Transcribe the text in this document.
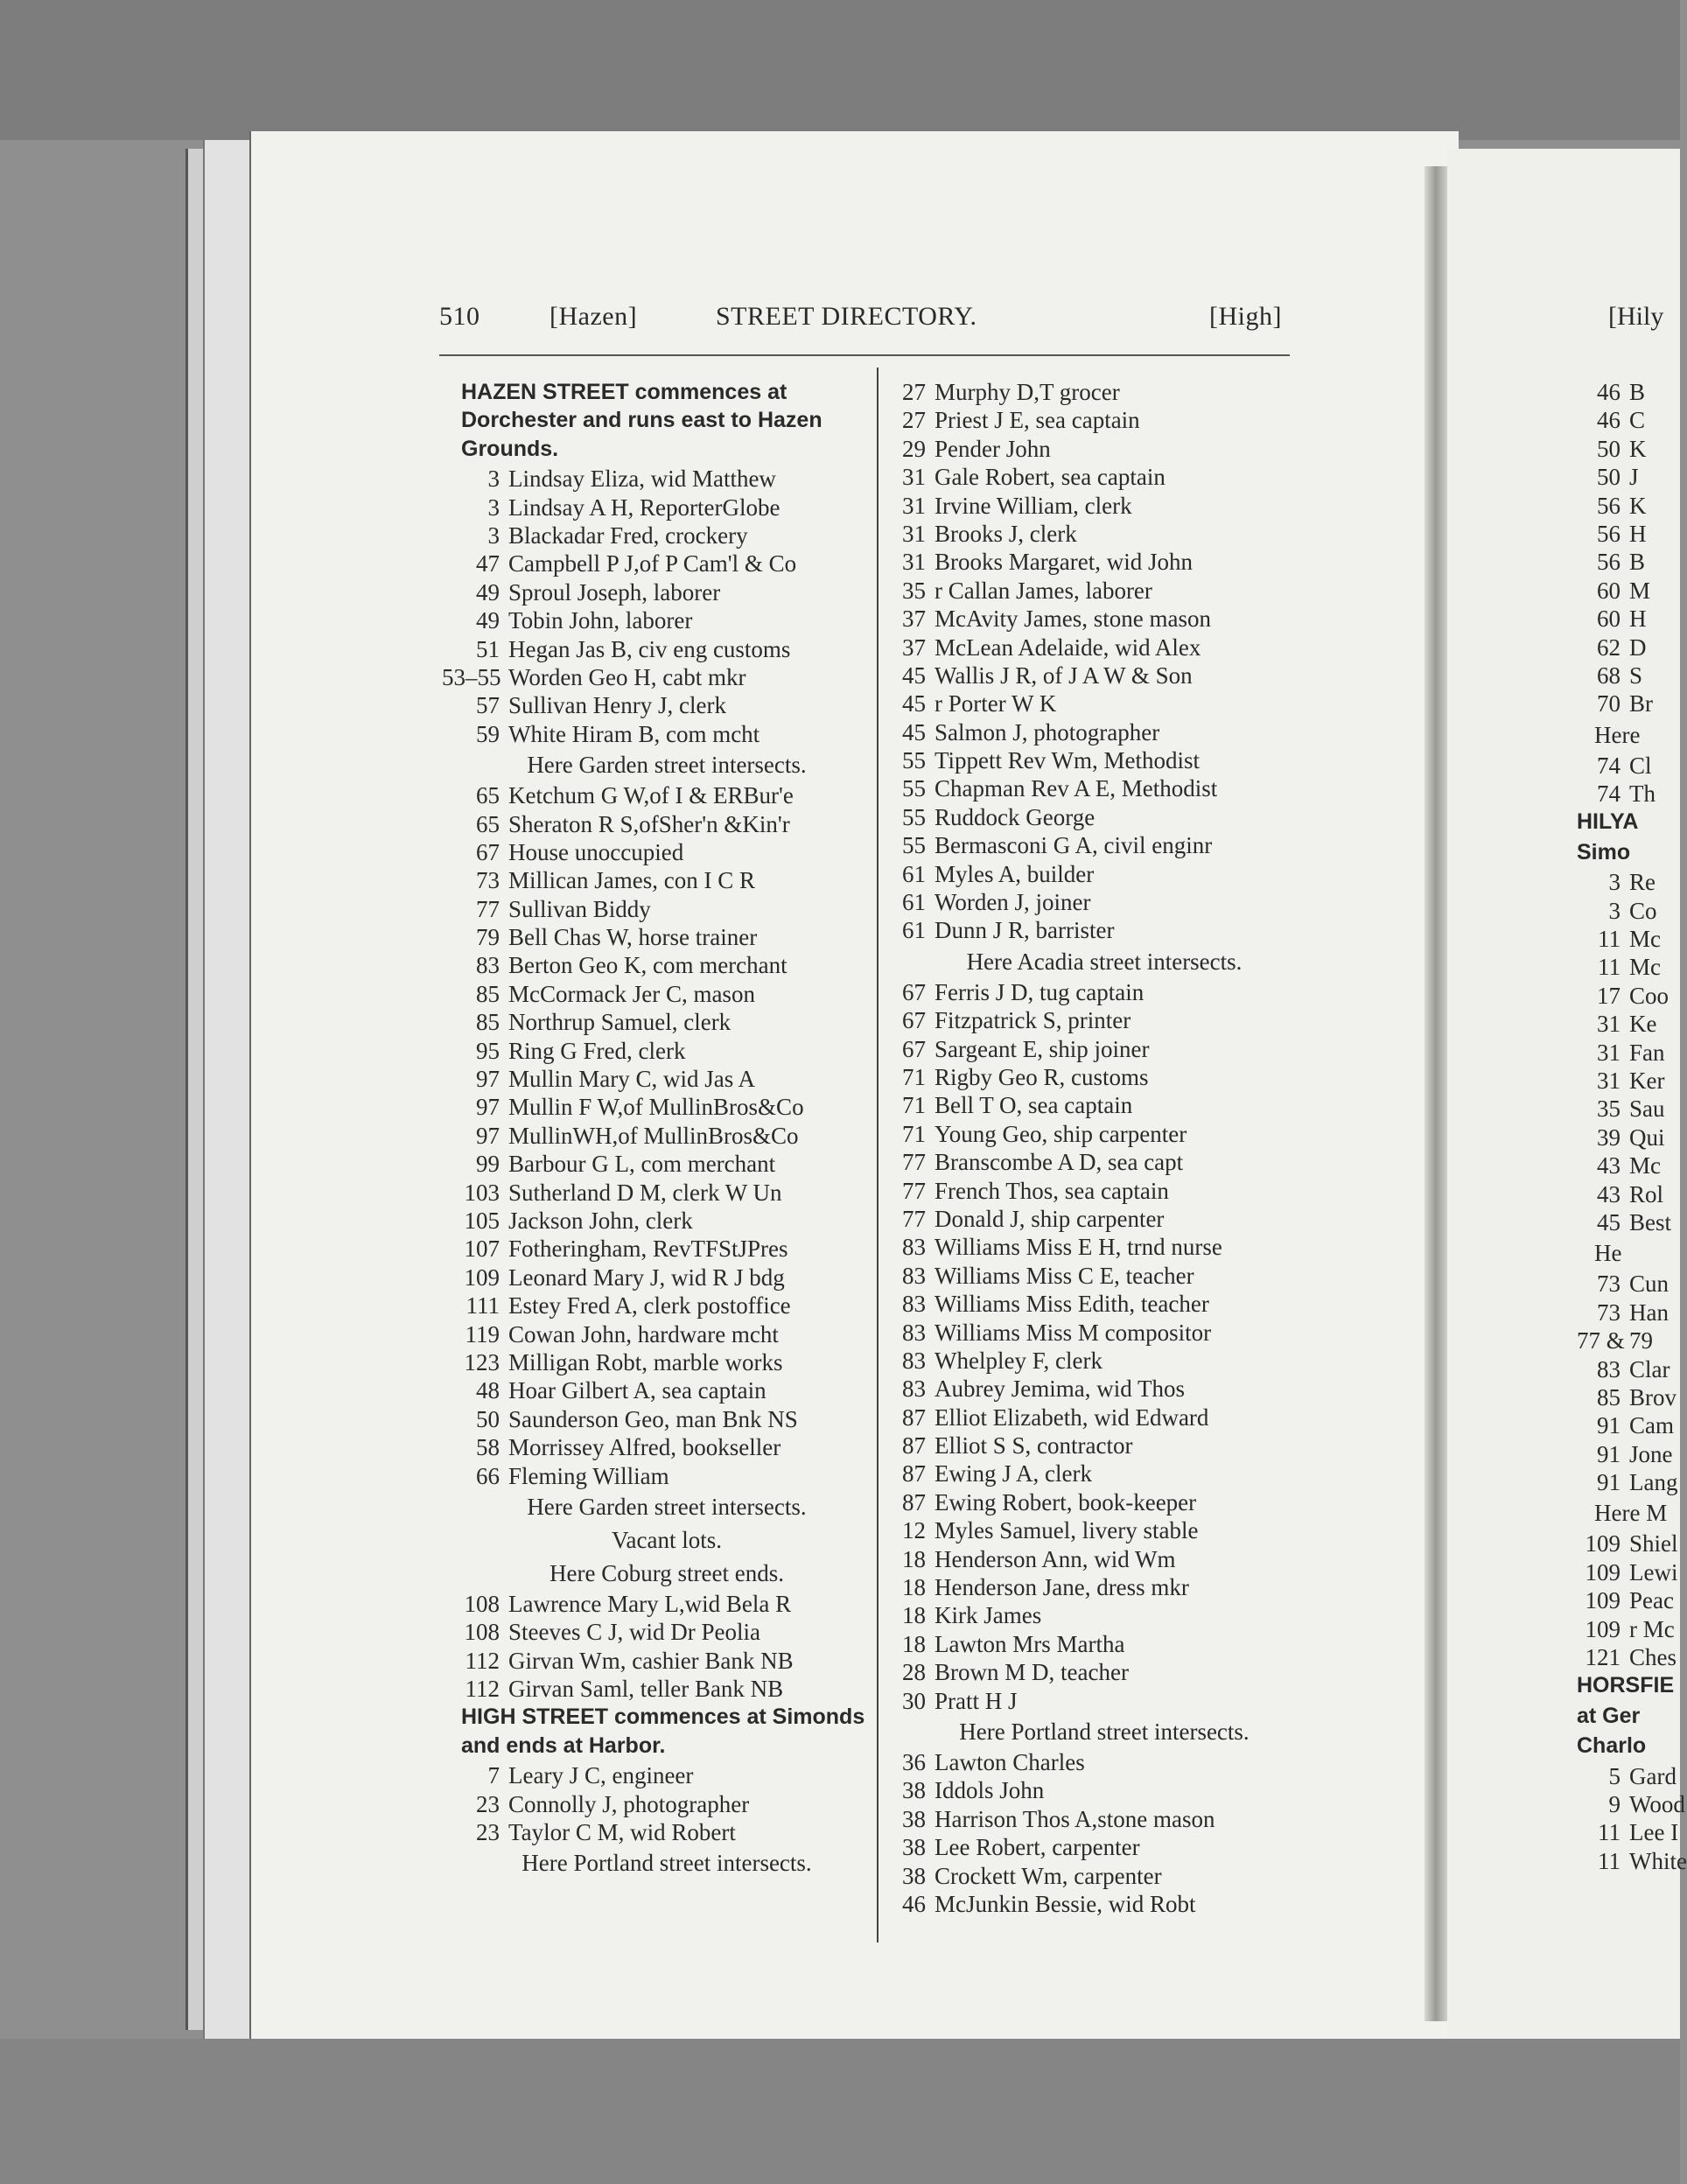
510	[Hazen]	STREET DIRECTORY.	[High]	[Hily
HAZEN STREET commences at Dorchester and runs east to Hazen Grounds.
3 Lindsay Eliza, wid Matthew
3 Lindsay A H, ReporterGlobe
3 Blackadar Fred, crockery
47 Campbell P J,of P Cam'l & Co
49 Sproul Joseph, laborer
49 Tobin John, laborer
51 Hegan Jas B, civ eng customs
53–55 Worden Geo H, cabt mkr
57 Sullivan Henry J, clerk
59 White Hiram B, com mcht
Here Garden street intersects.
65 Ketchum G W,of I & ERBur'e
65 Sheraton R S,ofSher'n &Kin'r
67 House unoccupied
73 Millican James, con I C R
77 Sullivan Biddy
79 Bell Chas W, horse trainer
83 Berton Geo K, com merchant
85 McCormack Jer C, mason
85 Northrup Samuel, clerk
95 Ring G Fred, clerk
97 Mullin Mary C, wid Jas A
97 Mullin F W,of MullinBros&Co
97 MullinWH,of MullinBros&Co
99 Barbour G L, com merchant
103 Sutherland D M, clerk W Un
105 Jackson John, clerk
107 Fotheringham, RevTFStJPres
109 Leonard Mary J, wid R J bdg
111 Estey Fred A, clerk postoffice
119 Cowan John, hardware mcht
123 Milligan Robt, marble works
48 Hoar Gilbert A, sea captain
50 Saunderson Geo, man Bnk NS
58 Morrissey Alfred, bookseller
66 Fleming William
Here Garden street intersects.
Vacant lots.
Here Coburg street ends.
108 Lawrence Mary L,wid Bela R
108 Steeves C J, wid Dr Peolia
112 Girvan Wm, cashier Bank NB
112 Girvan Saml, teller Bank NB
HIGH STREET commences at Simonds and ends at Harbor.
7 Leary J C, engineer
23 Connolly J, photographer
23 Taylor C M, wid Robert
Here Portland street intersects.
27 Murphy D,T grocer
27 Priest J E, sea captain
29 Pender John
31 Gale Robert, sea captain
31 Irvine William, clerk
31 Brooks J, clerk
31 Brooks Margaret, wid John
35 r Callan James, laborer
37 McAvity James, stone mason
37 McLean Adelaide, wid Alex
45 Wallis J R, of J A W & Son
45 r Porter W K
45 Salmon J, photographer
55 Tippett Rev Wm, Methodist
55 Chapman Rev A E, Methodist
55 Ruddock George
55 Bermasconi G A, civil enginr
61 Myles A, builder
61 Worden J, joiner
61 Dunn J R, barrister
Here Acadia street intersects.
67 Ferris J D, tug captain
67 Fitzpatrick S, printer
67 Sargeant E, ship joiner
71 Rigby Geo R, customs
71 Bell T O, sea captain
71 Young Geo, ship carpenter
77 Branscombe A D, sea capt
77 French Thos, sea captain
77 Donald J, ship carpenter
83 Williams Miss E H, trnd nurse
83 Williams Miss C E, teacher
83 Williams Miss Edith, teacher
83 Williams Miss M compositor
83 Whelpley F, clerk
83 Aubrey Jemima, wid Thos
87 Elliot Elizabeth, wid Edward
87 Elliot S S, contractor
87 Ewing J A, clerk
87 Ewing Robert, book-keeper
12 Myles Samuel, livery stable
18 Henderson Ann, wid Wm
18 Henderson Jane, dress mkr
18 Kirk James
18 Lawton Mrs Martha
28 Brown M D, teacher
30 Pratt H J
Here Portland street intersects.
36 Lawton Charles
38 Iddols John
38 Harrison Thos A,stone mason
38 Lee Robert, carpenter
38 Crockett Wm, carpenter
46 McJunkin Bessie, wid Robt
46 B
46 C
50 K
50 J
56 K
56 H
56 B
60 M
60 H
62 D
68 S
70 Br
Here
74 Cl
74 Th
HILYA
Simo
3 Re
3 Co
11 Mc
11 Mc
17 Coo
31 Ke
31 Fan
31 Ker
35 Sau
39 Qui
43 Mc
43 Rol
45 Best
He
73 Cun
73 Han
77 & 79
83 Clar
85 Brov
91 Cam
91 Jone
91 Lang
Here M
109 Shiel
109 Lewi
109 Peac
109 r Mc
121 Ches
HORSFIE
at Ger
Charlo
5 Gard
9 Wood
11 Lee I
11 White
